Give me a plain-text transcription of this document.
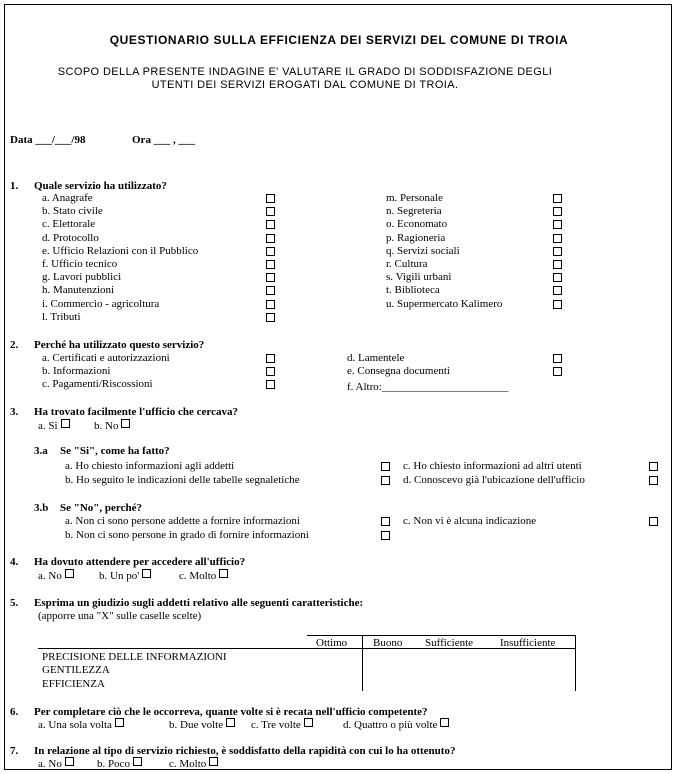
QUESTIONARIO SULLA EFFICIENZA DEI SERVIZI DEL COMUNE DI TROIA
SCOPO DELLA PRESENTE INDAGINE E' VALUTARE IL GRADO DI SODDISFAZIONE DEGLI
UTENTI DEI SERVIZI EROGATI DAL COMUNE DI TROIA.
Data ___/___/98	Ora ___ , ___
1. Quale servizio ha utilizzato?
a. Anagrafe
b. Stato civile
c. Elettorale
d. Protocollo
e. Ufficio Relazioni con il Pubblico
f. Ufficio tecnico
g. Lavori pubblici
h. Manutenzioni
i. Commercio - agricoltura
l. Tributi
m. Personale
n. Segreteria
o. Economato
p. Ragioneria
q. Servizi sociali
r. Cultura
s. Vigili urbani
t. Biblioteca
u. Supermercato Kalimero
2. Perché ha utilizzato questo servizio?
a. Certificati e autorizzazioni
b. Informazioni
c. Pagamenti/Riscossioni
d. Lamentele
e. Consegna documenti
f. Altro:_______________________
3. Ha trovato facilmente l'ufficio che cercava?
a. Si	b. No
3.a Se "Si", come ha fatto?
a. Ho chiesto informazioni agli addetti
b. Ho seguito le indicazioni delle tabelle segnaletiche
c. Ho chiesto informazioni ad altri utenti
d. Conoscevo già l'ubicazione dell'ufficio
3.b Se "No", perché?
a. Non ci sono persone addette a fornire informazioni
b. Non ci sono persone in grado di fornire informazioni
c. Non vi è alcuna indicazione
4. Ha dovuto attendere per accedere all'ufficio?
a. No	b. Un po'	c. Molto
5. Esprima un giudizio sugli addetti relativo alle seguenti caratteristiche:
(apporre una "X" sulle caselle scelte)
Ottimo Buono Sufficiente Insufficiente
PRECISIONE DELLE INFORMAZIONI
GENTILEZZA
EFFICIENZA
6. Per completare ciò che le occorreva, quante volte si è recata nell'ufficio competente?
a. Una sola volta	b. Due volte	c. Tre volte	d. Quattro o più volte
7. In relazione al tipo di servizio richiesto, è soddisfatto della rapidità con cui lo ha ottenuto?
a. No	b. Poco	c. Molto
